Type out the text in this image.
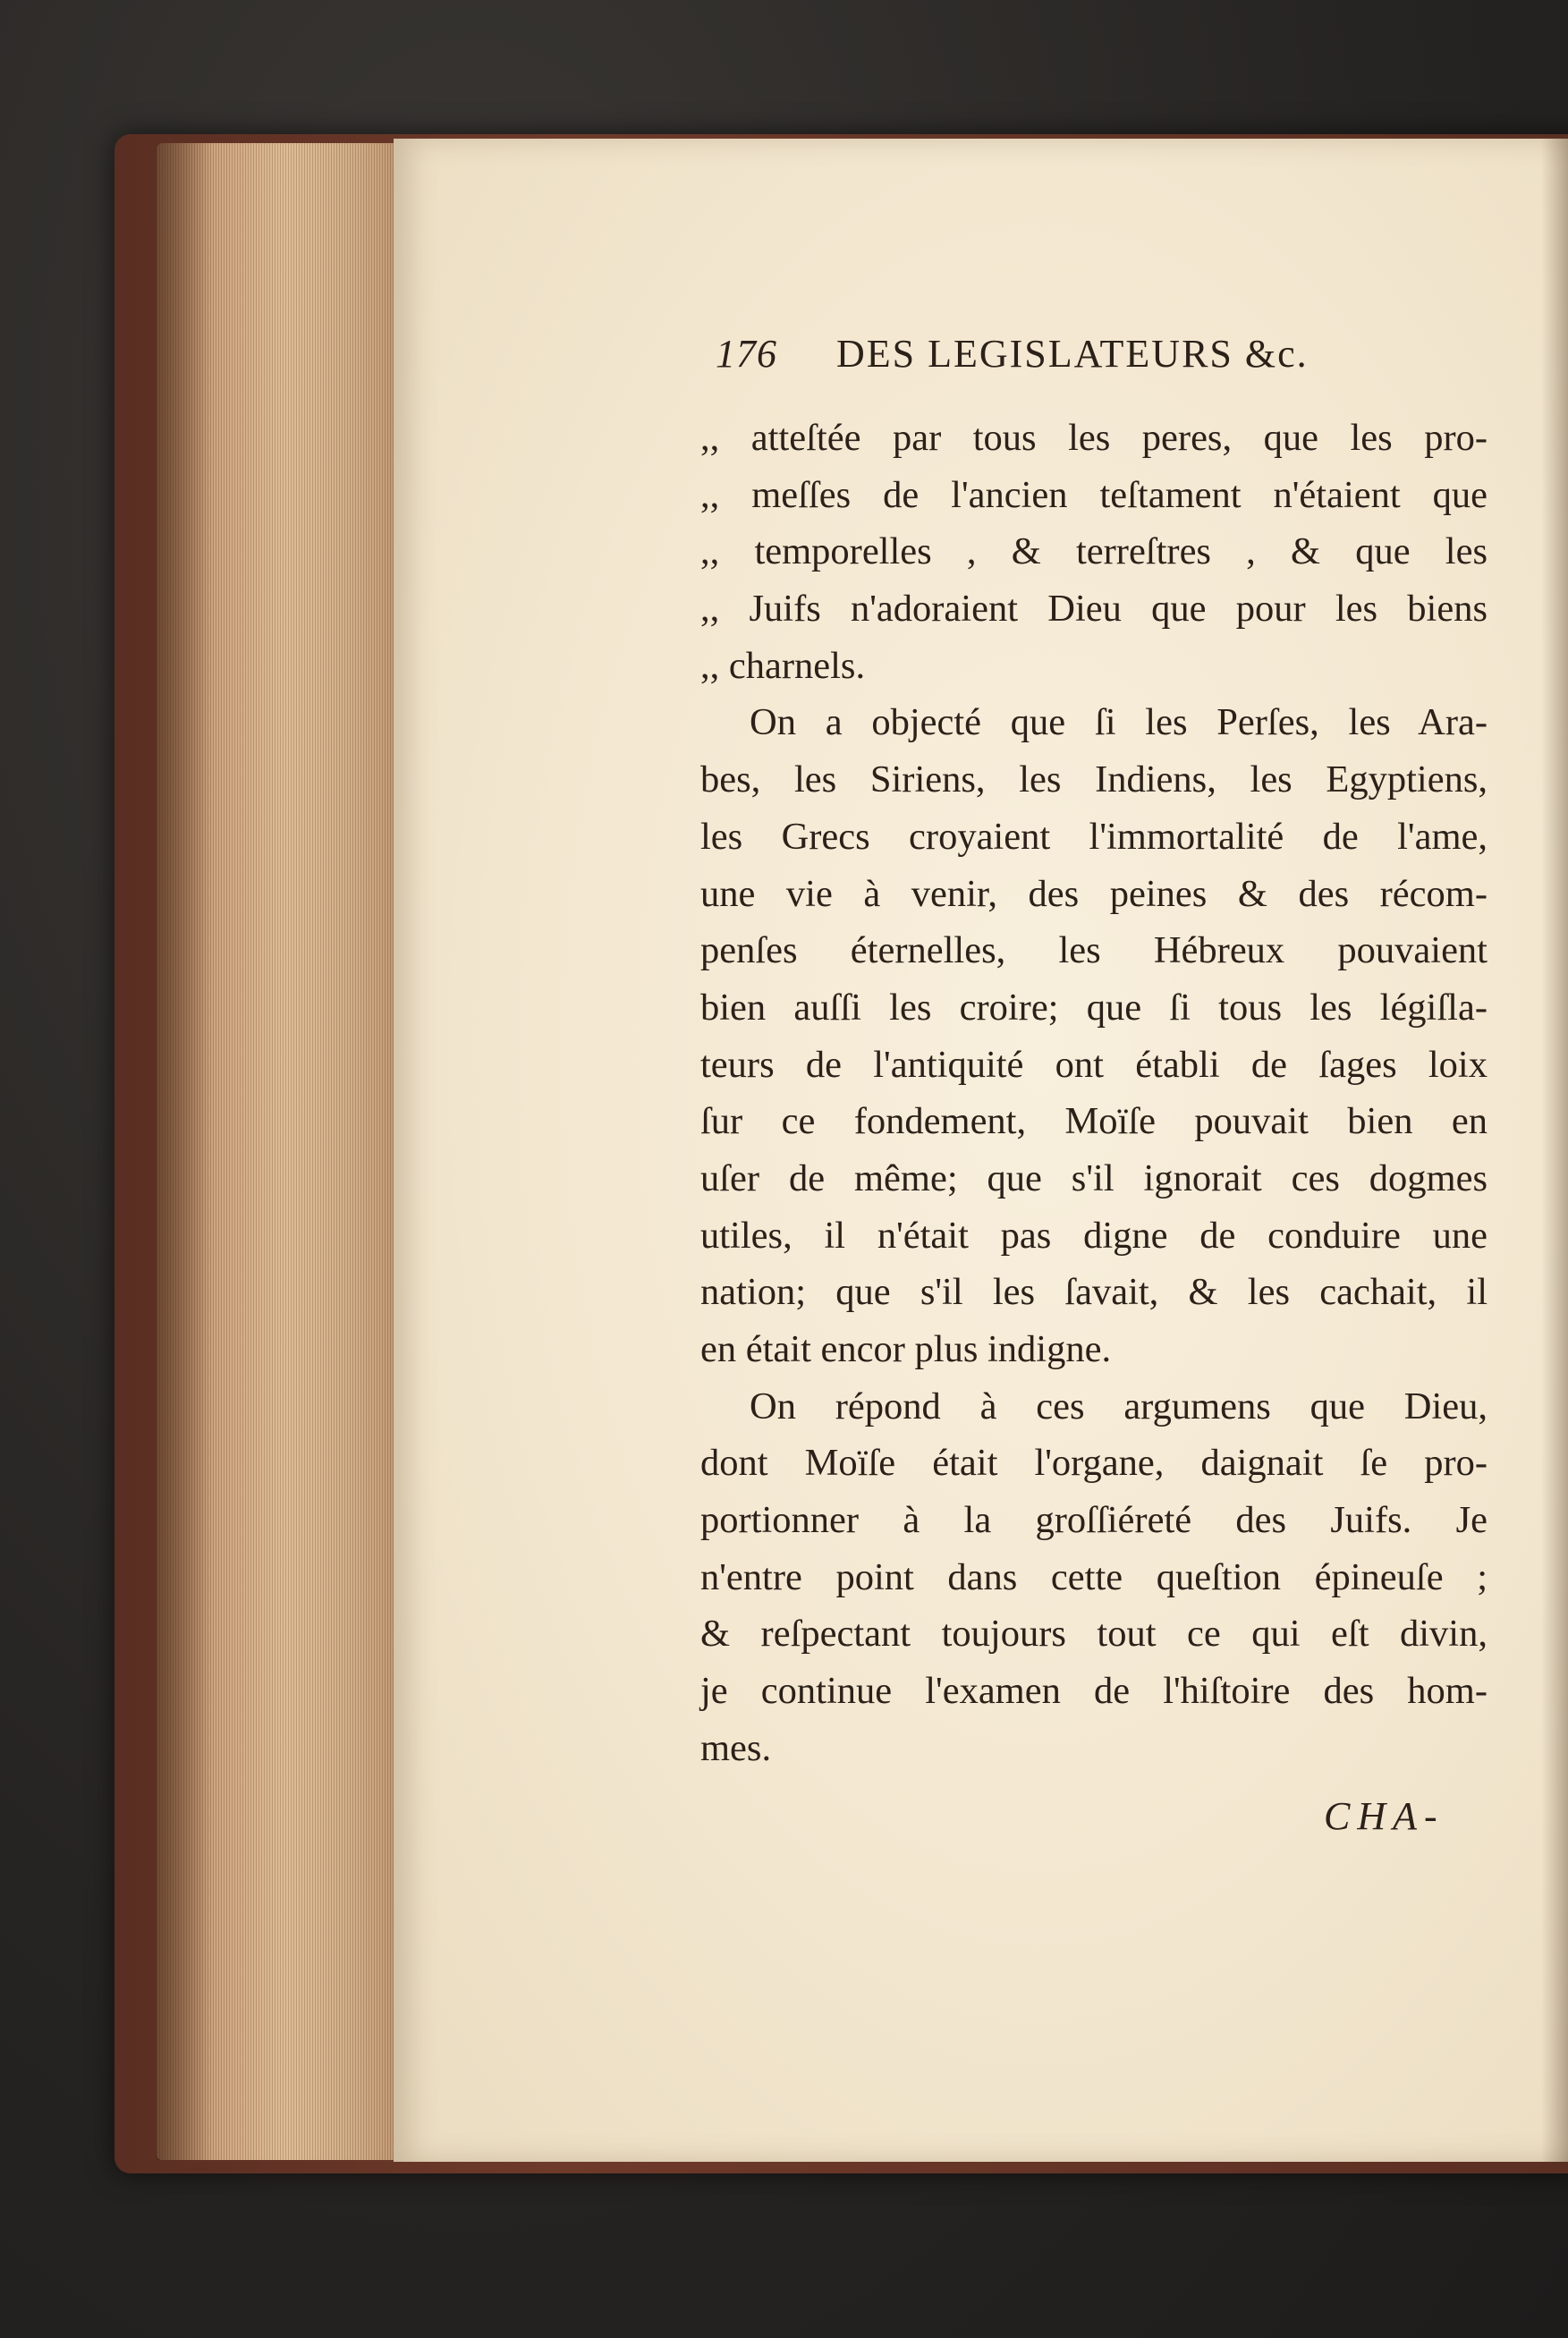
176 DES LEGISLATEURS &c.
,, atteſtée par tous les peres, que les pro-
,, meſſes de l'ancien teſtament n'étaient que
,, temporelles , & terreſtres , & que les
,, Juifs n'adoraient Dieu que pour les biens
,, charnels.
On a objecté que ſi les Perſes, les Ara-
bes, les Siriens, les Indiens, les Egyptiens,
les Grecs croyaient l'immortalité de l'ame,
une vie à venir, des peines & des récom-
penſes éternelles, les Hébreux pouvaient
bien auſſi les croire; que ſi tous les légiſla-
teurs de l'antiquité ont établi de ſages loix
ſur ce fondement, Moïſe pouvait bien en
uſer de même; que s'il ignorait ces dogmes
utiles, il n'était pas digne de conduire une
nation; que s'il les ſavait, & les cachait, il
en était encor plus indigne.
On répond à ces argumens que Dieu,
dont Moïſe était l'organe, daignait ſe pro-
portionner à la groſſiéreté des Juifs. Je
n'entre point dans cette queſtion épineuſe ;
& reſpectant toujours tout ce qui eſt divin,
je continue l'examen de l'hiſtoire des hom-
mes.
CHA-
